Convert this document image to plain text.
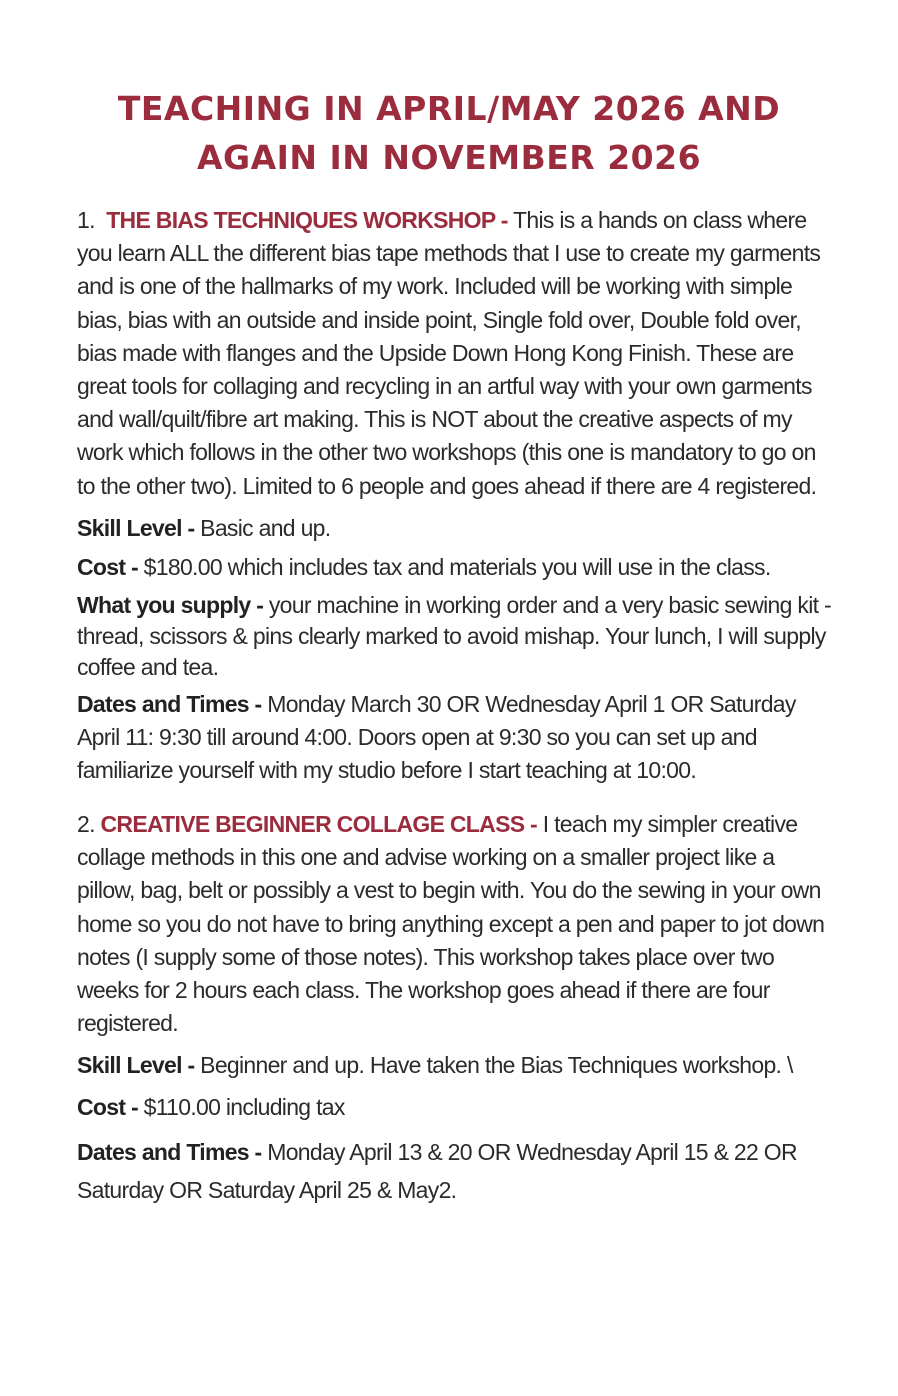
TEACHING IN APRIL/MAY 2026 AND
AGAIN IN NOVEMBER 2026

1. THE BIAS TECHNIQUES WORKSHOP - This is a hands on class where you learn ALL the different bias tape methods that I use to create my garments and is one of the hallmarks of my work. Included will be working with simple bias, bias with an outside and inside point, Single fold over, Double fold over, bias made with flanges and the Upside Down Hong Kong Finish. These are great tools for collaging and recycling in an artful way with your own garments and wall/quilt/fibre art making. This is NOT about the creative aspects of my work which follows in the other two workshops (this one is mandatory to go on to the other two). Limited to 6 people and goes ahead if there are 4 registered.

Skill Level - Basic and up.

Cost - $180.00 which includes tax and materials you will use in the class.

What you supply - your machine in working order and a very basic sewing kit -thread, scissors & pins clearly marked to avoid mishap. Your lunch, I will supply coffee and tea.

Dates and Times - Monday March 30 OR Wednesday April 1 OR Saturday April 11: 9:30 till around 4:00. Doors open at 9:30 so you can set up and familiarize yourself with my studio before I start teaching at 10:00.

2. CREATIVE BEGINNER COLLAGE CLASS - I teach my simpler creative collage methods in this one and advise working on a smaller project like a pillow, bag, belt or possibly a vest to begin with. You do the sewing in your own home so you do not have to bring anything except a pen and paper to jot down notes (I supply some of those notes). This workshop takes place over two weeks for 2 hours each class. The workshop goes ahead if there are four registered.

Skill Level - Beginner and up. Have taken the Bias Techniques workshop. \

Cost - $110.00 including tax

Dates and Times - Monday April 13 & 20 OR Wednesday April 15 & 22 OR Saturday OR Saturday April 25 & May2.
